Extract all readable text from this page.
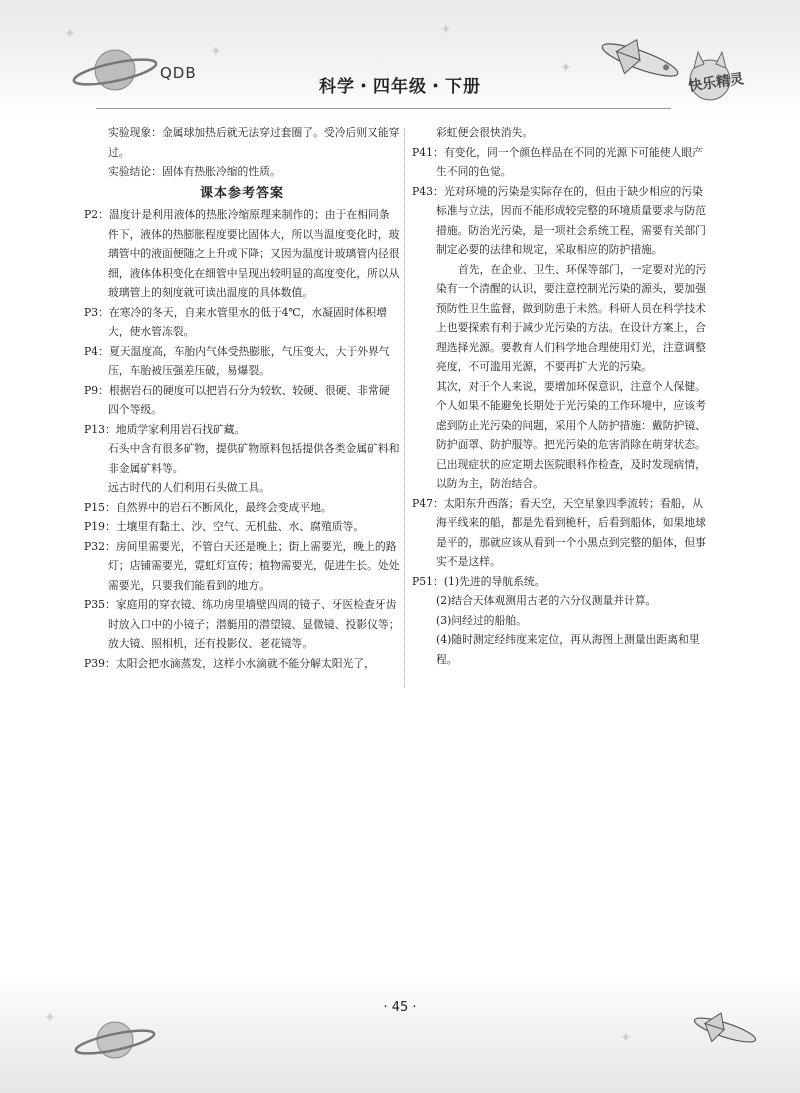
✦
✦
✦
✦
✦
✦
QDB
科学・四年级・下册	快乐精灵

实验现象：金属球加热后就无法穿过套圈了。受冷后则又能穿过。

实验结论：固体有热胀冷缩的性质。

课本参考答案

P2：温度计是利用液体的热胀冷缩原理来制作的；由于在相同条件下，液体的热膨胀程度要比固体大，所以当温度变化时，玻璃管中的液面便随之上升或下降；又因为温度计玻璃管内径很细，液体体积变化在细管中呈现出较明显的高度变化，所以从玻璃管上的刻度就可读出温度的具体数值。

P3：在寒冷的冬天，自来水管里水的低于4℃，水凝固时体积增大，使水管冻裂。

P4：夏天温度高，车胎内气体受热膨胀，气压变大，大于外界气压，车胎被压强差压破，易爆裂。

P9：根据岩石的硬度可以把岩石分为较软、较硬、很硬、非常硬四个等级。

P13：地质学家利用岩石找矿藏。

石头中含有很多矿物，提供矿物原料包括提供各类金属矿料和非金属矿料等。

远古时代的人们利用石头做工具。

P15：自然界中的岩石不断风化，最终会变成平地。

P19：土壤里有黏土、沙、空气、无机盐、水、腐殖质等。

P32：房间里需要光，不管白天还是晚上；街上需要光，晚上的路灯；店铺需要光，霓虹灯宣传；植物需要光，促进生长。处处需要光，只要我们能看到的地方。

P35：家庭用的穿衣镜、练功房里墙壁四周的镜子、牙医检查牙齿时放入口中的小镜子；潜艇用的潜望镜、显微镜、投影仪等；放大镜、照相机，还有投影仪、老花镜等。

P39：太阳会把水滴蒸发，这样小水滴就不能分解太阳光了，

彩虹便会很快消失。

P41：有变化，同一个颜色样品在不同的光源下可能使人眼产生不同的色觉。

P43：光对环境的污染是实际存在的，但由于缺少相应的污染标准与立法，因而不能形成较完整的环境质量要求与防范措施。防治光污染，是一项社会系统工程，需要有关部门制定必要的法律和规定，采取相应的防护措施。

首先，在企业、卫生、环保等部门，一定要对光的污染有一个清醒的认识，要注意控制光污染的源头，要加强预防性卫生监督，做到防患于未然。科研人员在科学技术上也要探索有利于减少光污染的方法。在设计方案上，合理选择光源。要教育人们科学地合理使用灯光，注意调整亮度，不可滥用光源，不要再扩大光的污染。

其次，对于个人来说，要增加环保意识，注意个人保健。个人如果不能避免长期处于光污染的工作环境中，应该考虑到防止光污染的问题，采用个人防护措施：戴防护镜、防护面罩、防护服等。把光污染的危害消除在萌芽状态。已出现症状的应定期去医院眼科作检查，及时发现病情，以防为主，防治结合。

P47：太阳东升西落；看天空，天空星象四季流转；看船，从海平线来的船，都是先看到桅杆，后看到船体，如果地球是平的，那就应该从看到一个小黑点到完整的船体，但事实不是这样。

P51：(1)先进的导航系统。

(2)结合天体观测用古老的六分仪测量并计算。

(3)问经过的船舶。

(4)随时测定经纬度来定位，再从海图上测量出距离和里程。

· 45 ·
